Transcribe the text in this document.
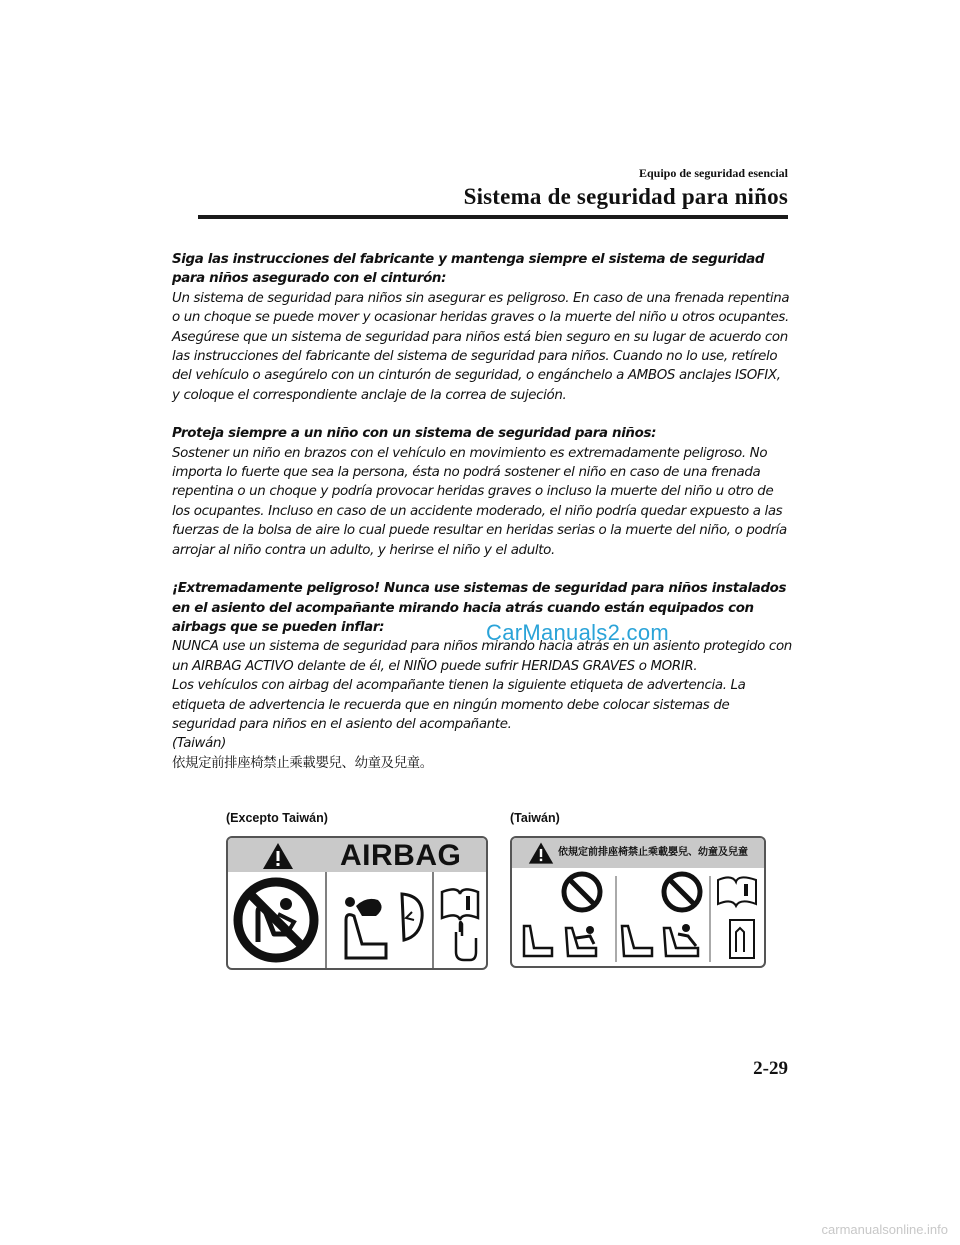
Equipo de seguridad esencial
Sistema de seguridad para niños
Siga las instrucciones del fabricante y mantenga siempre el sistema de seguridad para niños asegurado con el cinturón:
Un sistema de seguridad para niños sin asegurar es peligroso. En caso de una frenada repentina o un choque se puede mover y ocasionar heridas graves o la muerte del niño u otros ocupantes. Asegúrese que un sistema de seguridad para niños está bien seguro en su lugar de acuerdo con las instrucciones del fabricante del sistema de seguridad para niños. Cuando no lo use, retírelo del vehículo o asegúrelo con un cinturón de seguridad, o engánchelo a AMBOS anclajes ISOFIX, y coloque el correspondiente anclaje de la correa de sujeción.
Proteja siempre a un niño con un sistema de seguridad para niños:
Sostener un niño en brazos con el vehículo en movimiento es extremadamente peligroso. No importa lo fuerte que sea la persona, ésta no podrá sostener el niño en caso de una frenada repentina o un choque y podría provocar heridas graves o incluso la muerte del niño u otro de los ocupantes. Incluso en caso de un accidente moderado, el niño podría quedar expuesto a las fuerzas de la bolsa de aire lo cual puede resultar en heridas serias o la muerte del niño, o podría arrojar al niño contra un adulto, y herirse el niño y el adulto.
¡Extremadamente peligroso! Nunca use sistemas de seguridad para niños instalados en el asiento del acompañante mirando hacia atrás cuando están equipados con airbags que se pueden inflar:
NUNCA use un sistema de seguridad para niños mirando hacia atrás en un asiento protegido con un AIRBAG ACTIVO delante de él, el NIÑO puede sufrir HERIDAS GRAVES o MORIR.
Los vehículos con airbag del acompañante tienen la siguiente etiqueta de advertencia. La etiqueta de advertencia le recuerda que en ningún momento debe colocar sistemas de seguridad para niños en el asiento del acompañante.
(Taiwán)
依規定前排座椅禁止乘載嬰兒、幼童及兒童。
CarManuals2.com
(Excepto Taiwán)	(Taiwán)
AIRBAG	依規定前排座椅禁止乘載嬰兒、幼童及兒童
2-29
carmanualsonline.info
